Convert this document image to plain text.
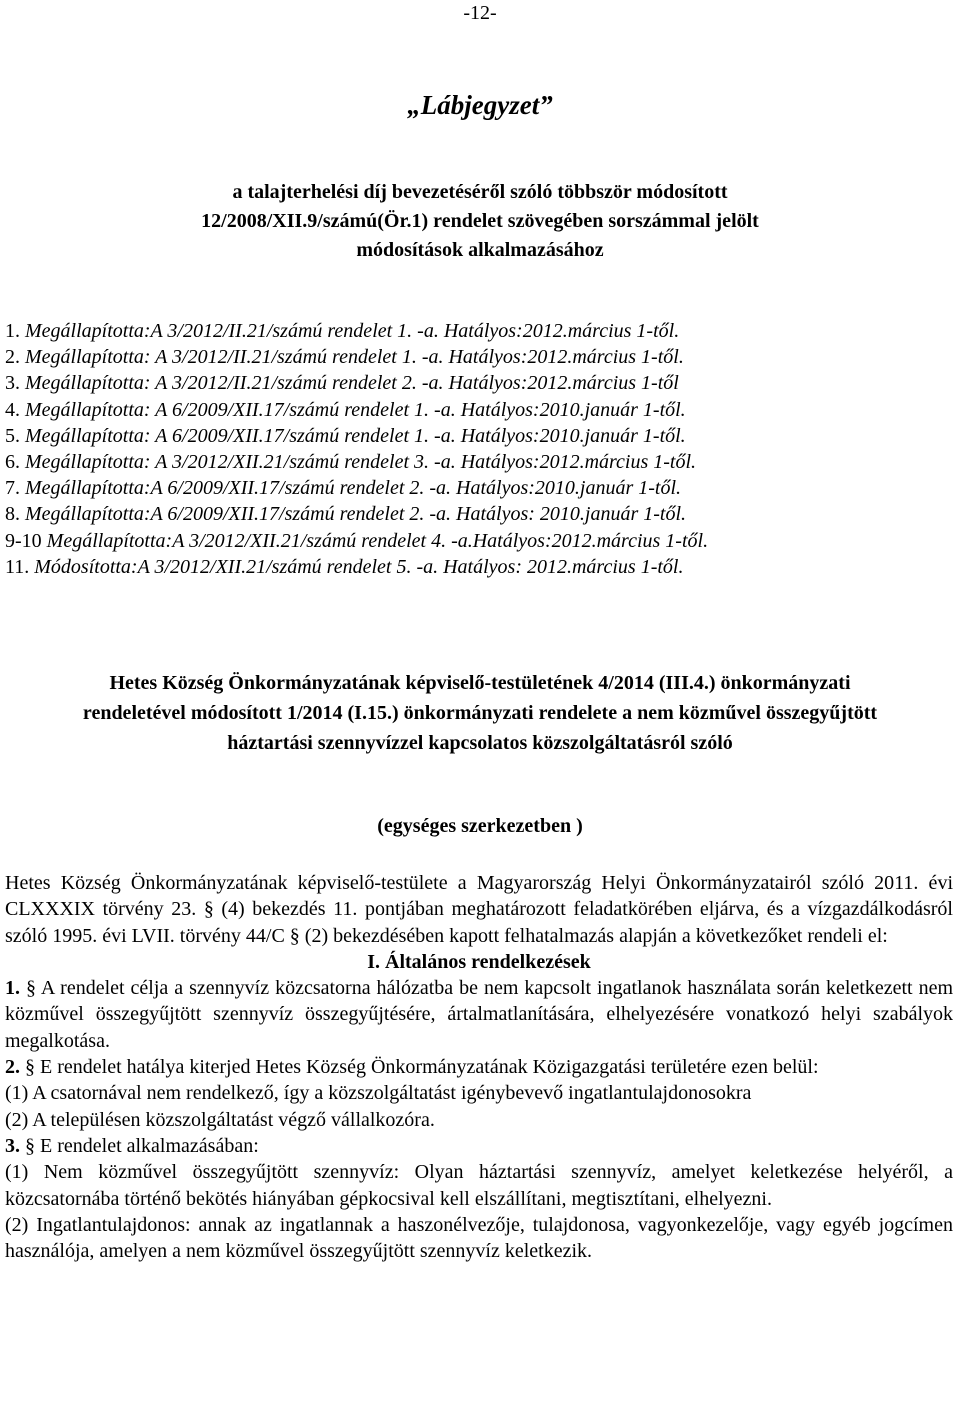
-12-
„Lábjegyzet”
a talajterhelési díj bevezetéséről szóló többször módosított 12/2008/XII.9/számú(Ör.1) rendelet szövegében sorszámmal jelölt módosítások alkalmazásához
1. Megállapította:A 3/2012/II.21/számú rendelet 1. -a. Hatályos:2012.március 1-től.
2. Megállapította: A 3/2012/II.21/számú rendelet 1. -a. Hatályos:2012.március 1-től.
3. Megállapította: A 3/2012/II.21/számú rendelet 2. -a. Hatályos:2012.március 1-től
4. Megállapította: A 6/2009/XII.17/számú rendelet 1. -a. Hatályos:2010.január 1-től.
5. Megállapította: A 6/2009/XII.17/számú rendelet 1. -a. Hatályos:2010.január 1-től.
6. Megállapította: A 3/2012/XII.21/számú rendelet 3. -a. Hatályos:2012.március 1-től.
7. Megállapította:A 6/2009/XII.17/számú rendelet 2. -a. Hatályos:2010.január 1-től.
8. Megállapította:A 6/2009/XII.17/számú rendelet 2. -a. Hatályos: 2010.január 1-től.
9-10 Megállapította:A 3/2012/XII.21/számú rendelet 4. -a.Hatályos:2012.március 1-től.
11. Módosította:A 3/2012/XII.21/számú rendelet 5. -a. Hatályos: 2012.március 1-től.
Hetes Község Önkormányzatának képviselő-testületének 4/2014 (III.4.) önkormányzati rendeletével módosított 1/2014 (I.15.) önkormányzati rendelete a nem közművel összegyűjtött háztartási szennyvízzel kapcsolatos közszolgáltatásról szóló
(egységes szerkezetben )

Hetes Község Önkormányzatának képviselő-testülete a Magyarország Helyi Önkormányzatairól szóló 2011. évi CLXXXIX törvény 23. § (4) bekezdés 11. pontjában meghatározott feladatkörében eljárva, és a vízgazdálkodásról szóló 1995. évi LVII. törvény 44/C § (2) bekezdésében kapott felhatalmazás alapján a következőket rendeli el:

I. Általános rendelkezések

1. § A rendelet célja a szennyvíz közcsatorna hálózatba be nem kapcsolt ingatlanok használata során keletkezett nem közművel összegyűjtött szennyvíz összegyűjtésére, ártalmatlanítására, elhelyezésére vonatkozó helyi szabályok megalkotása.

2. § E rendelet hatálya kiterjed Hetes Község Önkormányzatának Közigazgatási területére ezen belül:

(1) A csatornával nem rendelkező, így a közszolgáltatást igénybevevő ingatlantulajdonosokra

(2) A településen közszolgáltatást végző vállalkozóra.

3. § E rendelet alkalmazásában:

(1) Nem közművel összegyűjtött szennyvíz: Olyan háztartási szennyvíz, amelyet keletkezése helyéről, a közcsatornába történő bekötés hiányában gépkocsival kell elszállítani, megtisztítani, elhelyezni.

(2) Ingatlantulajdonos: annak az ingatlannak a haszonélvezője, tulajdonosa, vagyonkezelője, vagy egyéb jogcímen használója, amelyen a nem közművel összegyűjtött szennyvíz keletkezik.
